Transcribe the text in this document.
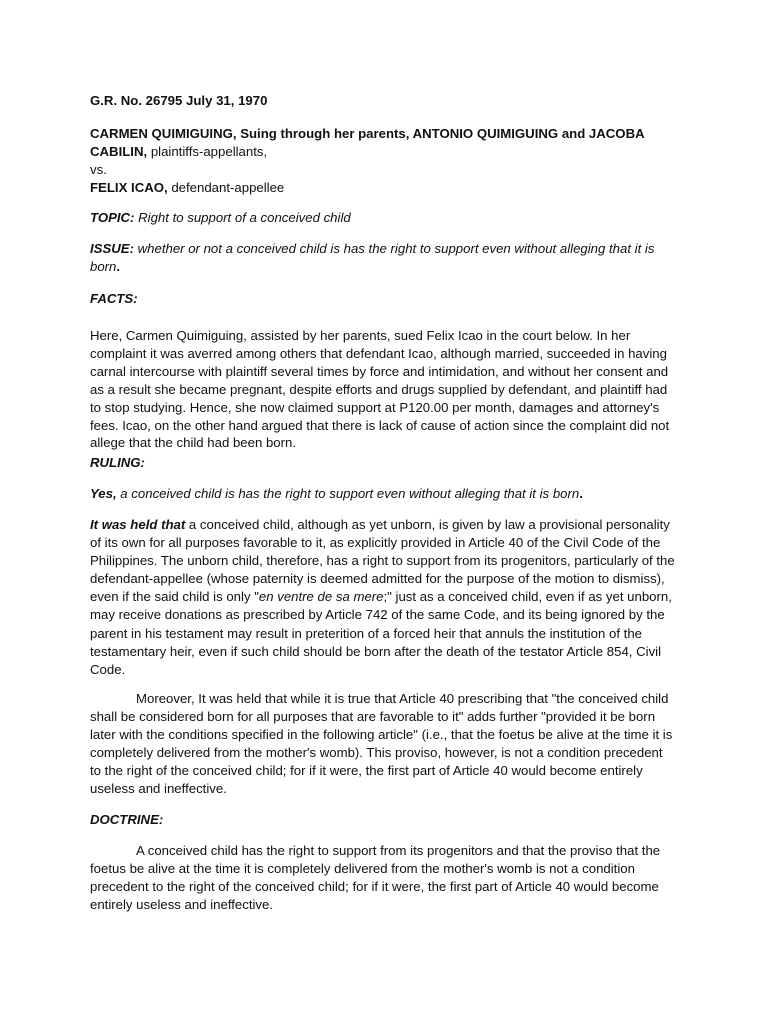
G.R. No. 26795 July 31, 1970
CARMEN QUIMIGUING, Suing through her parents, ANTONIO QUIMIGUING and JACOBA
CABILIN, plaintiffs-appellants,
vs.
FELIX ICAO, defendant-appellee
TOPIC: Right to support of a conceived child
ISSUE: whether or not a conceived child is has the right to support even without alleging that it is
born.
FACTS:
Here, Carmen Quimiguing, assisted by her parents, sued Felix Icao in the court below. In her
complaint it was averred among others that defendant Icao, although married, succeeded in having
carnal intercourse with plaintiff several times by force and intimidation, and without her consent and
as a result she became pregnant, despite efforts and drugs supplied by defendant, and plaintiff had
to stop studying. Hence, she now claimed support at P120.00 per month, damages and attorney's
fees. Icao, on the other hand argued that there is lack of cause of action since the complaint did not
allege that the child had been born.
RULING:
Yes, a conceived child is has the right to support even without alleging that it is born.
It was held that a conceived child, although as yet unborn, is given by law a provisional personality
of its own for all purposes favorable to it, as explicitly provided in Article 40 of the Civil Code of the
Philippines. The unborn child, therefore, has a right to support from its progenitors, particularly of the
defendant-appellee (whose paternity is deemed admitted for the purpose of the motion to dismiss),
even if the said child is only "en ventre de sa mere;" just as a conceived child, even if as yet unborn,
may receive donations as prescribed by Article 742 of the same Code, and its being ignored by the
parent in his testament may result in preterition of a forced heir that annuls the institution of the
testamentary heir, even if such child should be born after the death of the testator Article 854, Civil
Code.
Moreover, It was held that while it is true that Article 40 prescribing that "the conceived child
shall be considered born for all purposes that are favorable to it" adds further "provided it be born
later with the conditions specified in the following article" (i.e., that the foetus be alive at the time it is
completely delivered from the mother's womb). This proviso, however, is not a condition precedent
to the right of the conceived child; for if it were, the first part of Article 40 would become entirely
useless and ineffective.
DOCTRINE:
A conceived child has the right to support from its progenitors and that the proviso that the
foetus be alive at the time it is completely delivered from the mother's womb is not a condition
precedent to the right of the conceived child; for if it were, the first part of Article 40 would become
entirely useless and ineffective.
